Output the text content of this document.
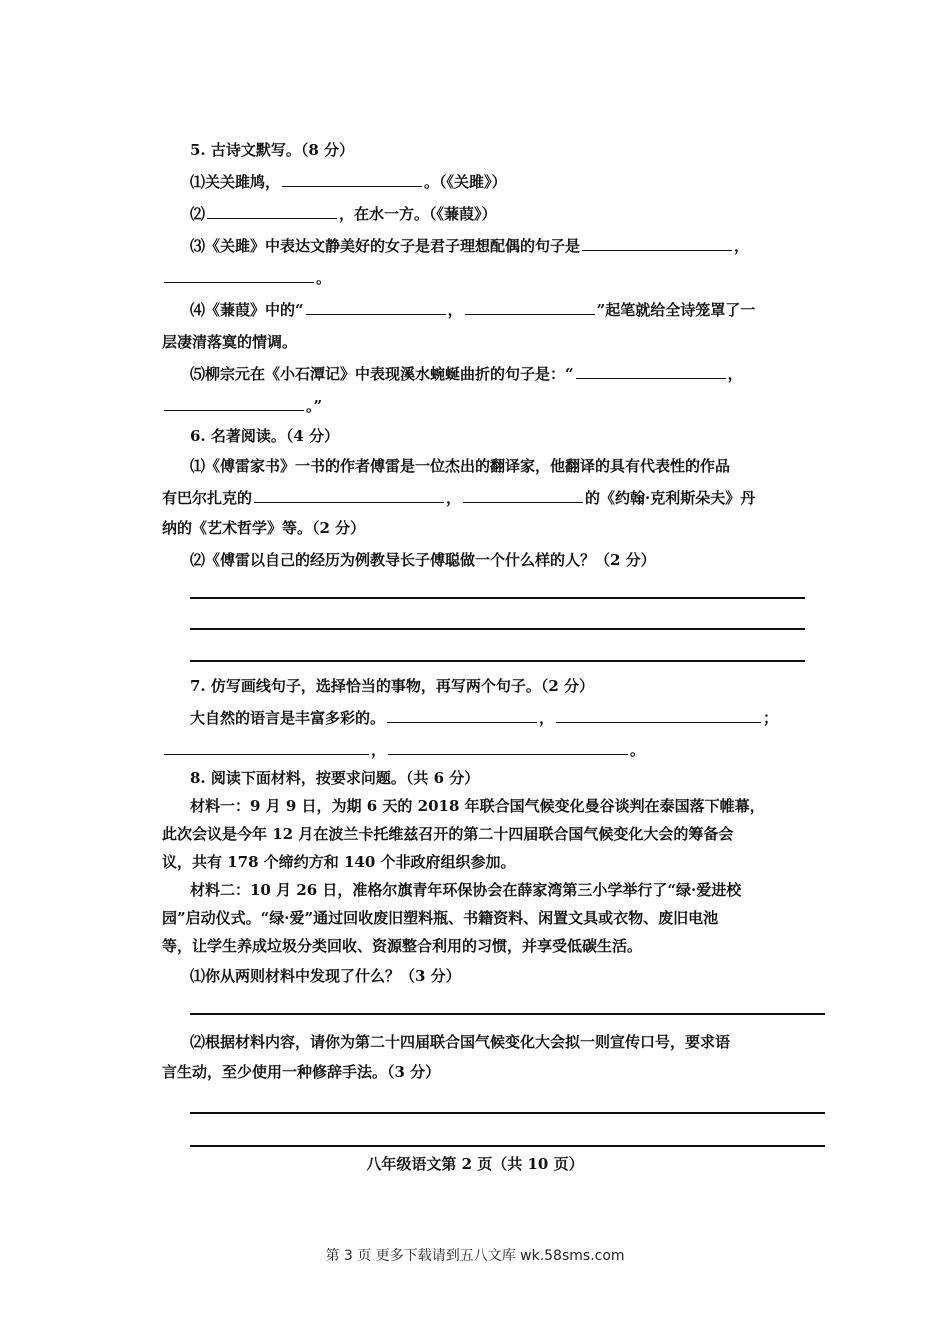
5. 古诗文默写。（8 分）
⑴关关雎鸠，	。（《关雎》）
⑵	，在水一方。（《蒹葭》）
⑶《关雎》中表达文静美好的女子是君子理想配偶的句子是	，
。
⑷《蒹葭》中的“	，	”起笔就给全诗笼罩了一
层凄清落寞的情调。
⑸柳宗元在《小石潭记》中表现溪水蜿蜒曲折的句子是：“	，
。”
6. 名著阅读。（4 分）
⑴《傅雷家书》一书的作者傅雷是一位杰出的翻译家，他翻译的具有代表性的作品
有巴尔扎克的	，	的《约翰·克利斯朵夫》丹
纳的《艺术哲学》等。（2 分）
⑵《傅雷以自己的经历为例教导长子傅聪做一个什么样的人？（2 分）
7. 仿写画线句子，选择恰当的事物，再写两个句子。（2 分）
大自然的语言是丰富多彩的。	，	；
，	。
8. 阅读下面材料，按要求问题。（共 6 分）
材料一：9 月 9 日，为期 6 天的 2018 年联合国气候变化曼谷谈判在泰国落下帷幕，
此次会议是今年 12 月在波兰卡托维兹召开的第二十四届联合国气候变化大会的筹备会
议，共有 178 个缔约方和 140 个非政府组织参加。
材料二：10 月 26 日，准格尔旗青年环保协会在薛家湾第三小学举行了“绿·爱进校
园”启动仪式。“绿·爱”通过回收废旧塑料瓶、书籍资料、闲置文具或衣物、废旧电池
等，让学生养成垃圾分类回收、资源整合利用的习惯，并享受低碳生活。
⑴你从两则材料中发现了什么？（3 分）
⑵根据材料内容，请你为第二十四届联合国气候变化大会拟一则宣传口号，要求语
言生动，至少使用一种修辞手法。（3 分）
八年级语文第 2 页（共 10 页）
第 3 页 更多下载请到五八文库 wk.58sms.com
